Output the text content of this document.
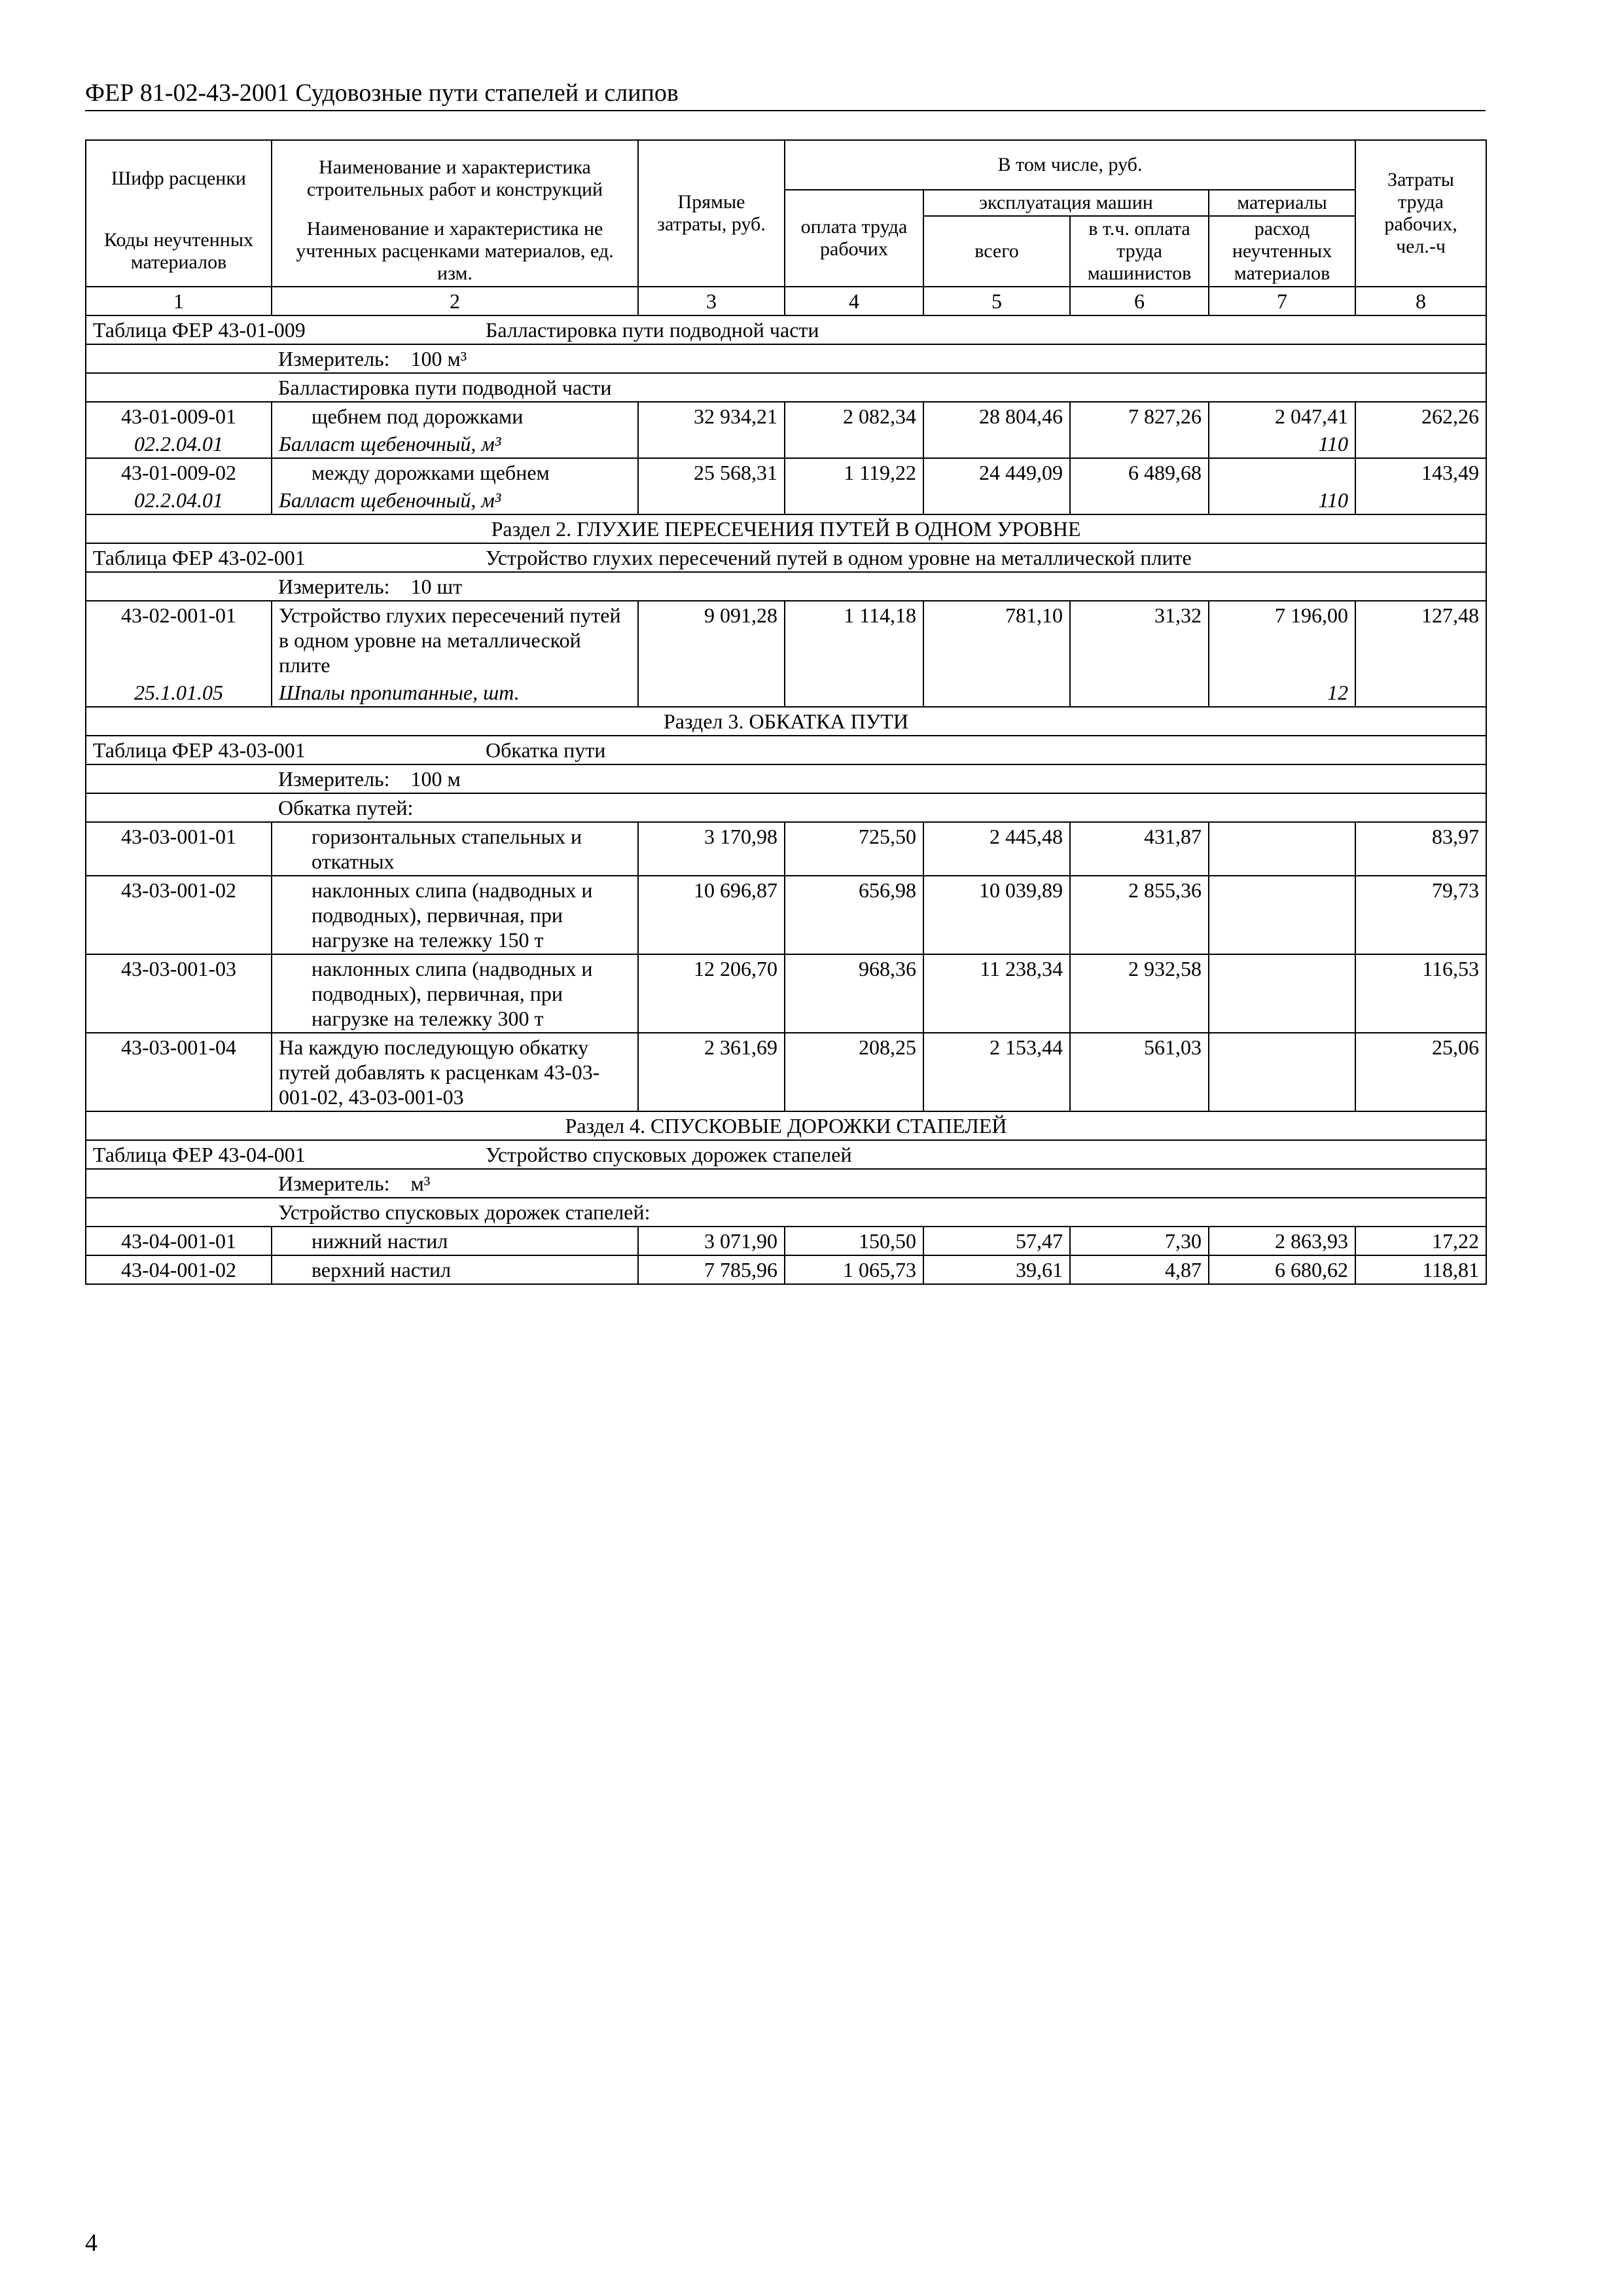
ФЕР 81-02-43-2001 Судовозные пути стапелей и слипов
Шифр расценки	Наименование и характеристика строительных работ и конструкций	Прямые затраты, руб.	В том числе, руб.				Затраты труда рабочих, чел.-ч
			оплата труда рабочих	эксплуатация машин		материалы	
Коды неучтенных материалов	Наименование и характеристика не учтенных расценками материалов, ед. изм.			всего	в т.ч. оплата труда машинистов	расход неучтенных материалов	

1	2	3	4	5	6	7	8
Таблица ФЕР 43-01-009 Балластировка пути подводной части							
	Измеритель: 100 м³						
	Балластировка пути подводной части						
43-01-009-01	щебнем под дорожками	32 934,21	2 082,34	28 804,46	7 827,26	2 047,41	262,26
02.2.04.01	Балласт щебеночный, м³					110	
43-01-009-02	между дорожками щебнем	25 568,31	1 119,22	24 449,09	6 489,68		143,49
02.2.04.01	Балласт щебеночный, м³					110	
Раздел 2. ГЛУХИЕ ПЕРЕСЕЧЕНИЯ ПУТЕЙ В ОДНОМ УРОВНЕ							
Таблица ФЕР 43-02-001 Устройство глухих пересечений путей в одном уровне на металлической плите							
	Измеритель: 10 шт						
43-02-001-01	Устройство глухих пересечений путей в одном уровне на металлической плите	9 091,28	1 114,18	781,10	31,32	7 196,00	127,48
25.1.01.05	Шпалы пропитанные, шт.					12	
Раздел 3. ОБКАТКА ПУТИ							
Таблица ФЕР 43-03-001 Обкатка пути							
	Измеритель: 100 м						
	Обкатка путей:						
43-03-001-01	горизонтальных стапельных и откатных	3 170,98	725,50	2 445,48	431,87		83,97
43-03-001-02	наклонных слипа (надводных и подводных), первичная, при нагрузке на тележку 150 т	10 696,87	656,98	10 039,89	2 855,36		79,73
43-03-001-03	наклонных слипа (надводных и подводных), первичная, при нагрузке на тележку 300 т	12 206,70	968,36	11 238,34	2 932,58		116,53
43-03-001-04	На каждую последующую обкатку путей добавлять к расценкам 43-03-001-02, 43-03-001-03	2 361,69	208,25	2 153,44	561,03		25,06
Раздел 4. СПУСКОВЫЕ ДОРОЖКИ СТАПЕЛЕЙ							
Таблица ФЕР 43-04-001 Устройство спусковых дорожек стапелей							
	Измеритель: м³						
	Устройство спусковых дорожек стапелей:						
43-04-001-01	нижний настил	3 071,90	150,50	57,47	7,30	2 863,93	17,22
43-04-001-02	верхний настил	7 785,96	1 065,73	39,61	4,87	6 680,62	118,81
4
